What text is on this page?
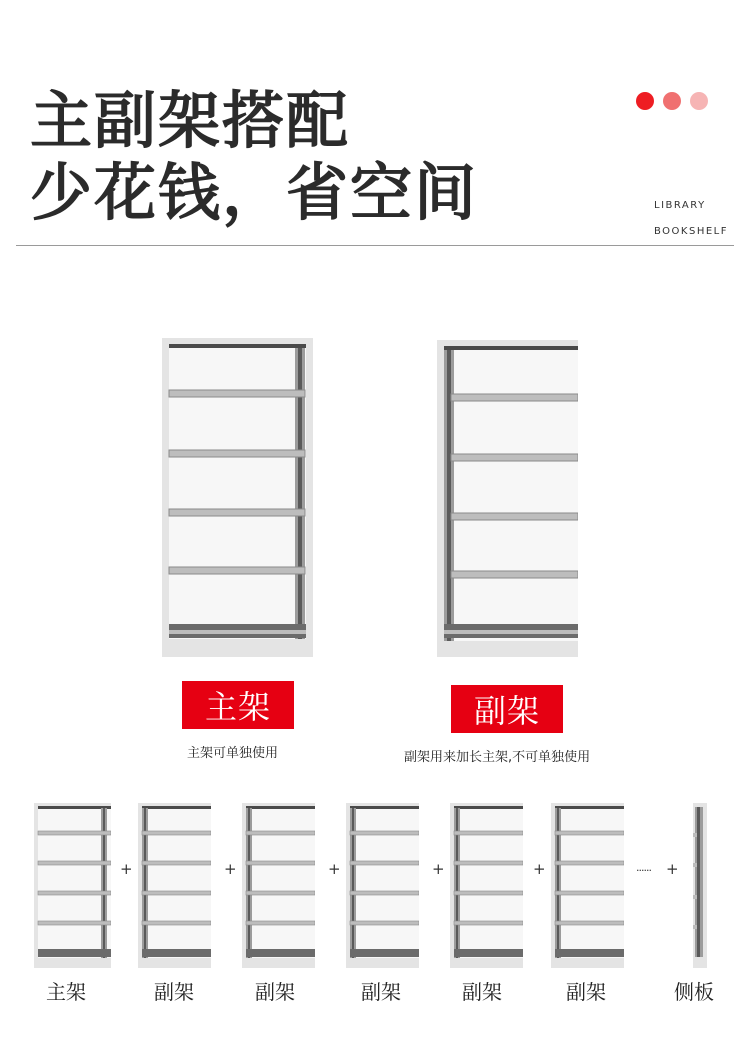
主副架搭配
少花钱，省空间	LIBRARY
BOOKSHELF
主架
主架可单独使用
副架
副架用来加长主架,不可单独使用
+	+	+	+	+	······ +
主架	副架	副架	副架	副架	副架	侧板
